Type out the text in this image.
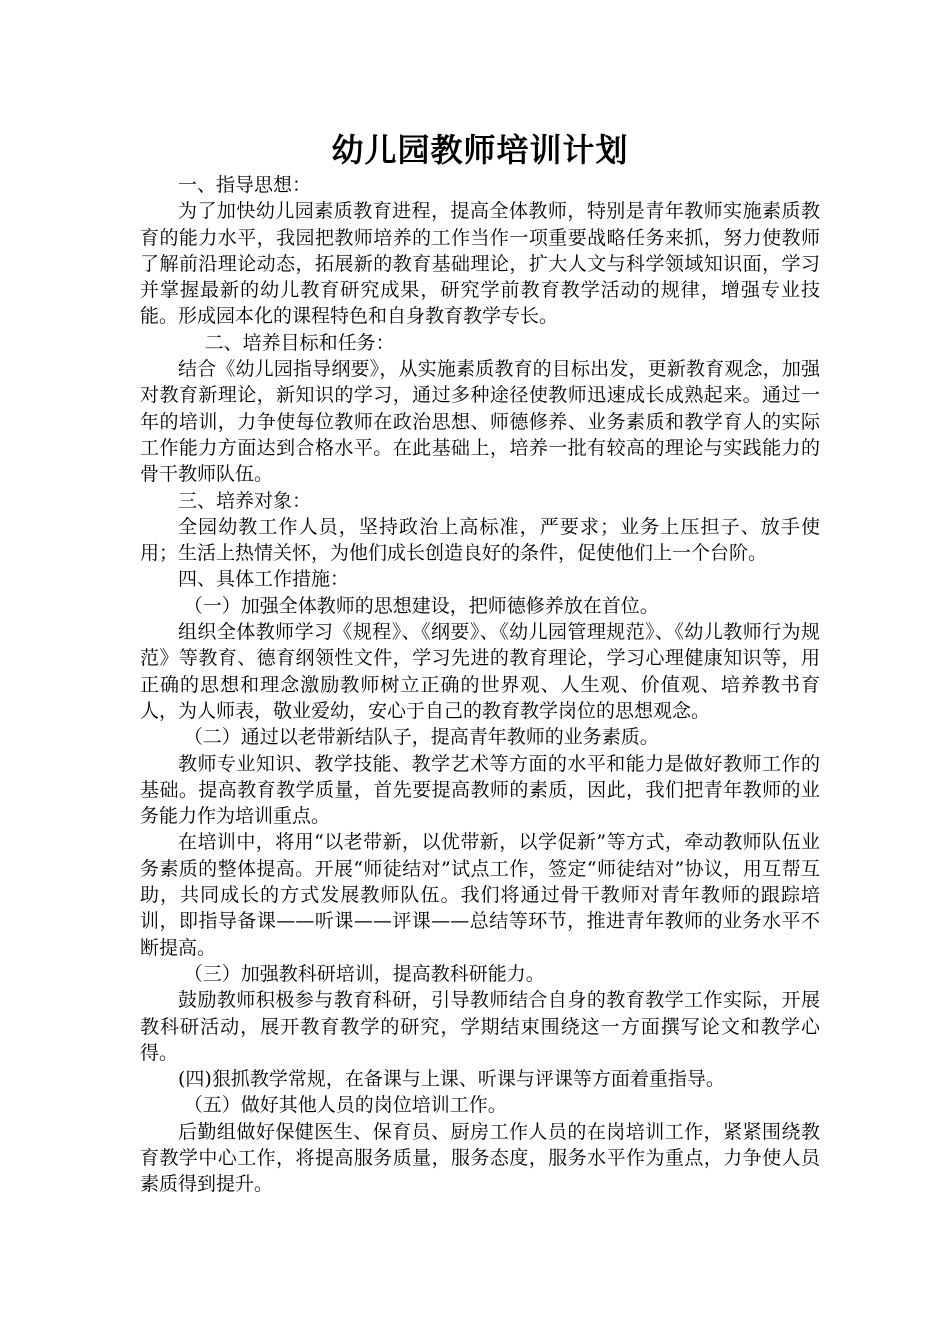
幼儿园教师培训计划

一、指导思想：

为了加快幼儿园素质教育进程，提高全体教师，特别是青年教师实施素质教育的能力水平，我园把教师培养的工作当作一项重要战略任务来抓，努力使教师了解前沿理论动态，拓展新的教育基础理论，扩大人文与科学领域知识面，学习并掌握最新的幼儿教育研究成果，研究学前教育教学活动的规律，增强专业技能。形成园本化的课程特色和自身教育教学专长。

二、培养目标和任务：

结合《幼儿园指导纲要》，从实施素质教育的目标出发，更新教育观念，加强对教育新理论，新知识的学习，通过多种途径使教师迅速成长成熟起来。通过一年的培训，力争使每位教师在政治思想、师德修养、业务素质和教学育人的实际工作能力方面达到合格水平。在此基础上，培养一批有较高的理论与实践能力的骨干教师队伍。

三、培养对象：

全园幼教工作人员，坚持政治上高标准，严要求；业务上压担子、放手使用；生活上热情关怀，为他们成长创造良好的条件，促使他们上一个台阶。

四、具体工作措施：

（一）加强全体教师的思想建设，把师德修养放在首位。

组织全体教师学习《规程》、《纲要》、《幼儿园管理规范》、《幼儿教师行为规范》等教育、德育纲领性文件，学习先进的教育理论，学习心理健康知识等，用正确的思想和理念激励教师树立正确的世界观、人生观、价值观、培养教书育人，为人师表，敬业爱幼，安心于自己的教育教学岗位的思想观念。

（二）通过以老带新结队子，提高青年教师的业务素质。

教师专业知识、教学技能、教学艺术等方面的水平和能力是做好教师工作的基础。提高教育教学质量，首先要提高教师的素质，因此，我们把青年教师的业务能力作为培训重点。

在培训中，将用“以老带新，以优带新，以学促新”等方式，牵动教师队伍业务素质的整体提高。开展“师徒结对”试点工作，签定“师徒结对”协议，用互帮互助，共同成长的方式发展教师队伍。我们将通过骨干教师对青年教师的跟踪培训，即指导备课——听课——评课——总结等环节，推进青年教师的业务水平不断提高。

（三）加强教科研培训，提高教科研能力。

鼓励教师积极参与教育科研，引导教师结合自身的教育教学工作实际，开展教科研活动，展开教育教学的研究，学期结束围绕这一方面撰写论文和教学心得。

(四)狠抓教学常规，在备课与上课、听课与评课等方面着重指导。

（五）做好其他人员的岗位培训工作。

后勤组做好保健医生、保育员、厨房工作人员的在岗培训工作，紧紧围绕教育教学中心工作，将提高服务质量，服务态度，服务水平作为重点，力争使人员素质得到提升。
